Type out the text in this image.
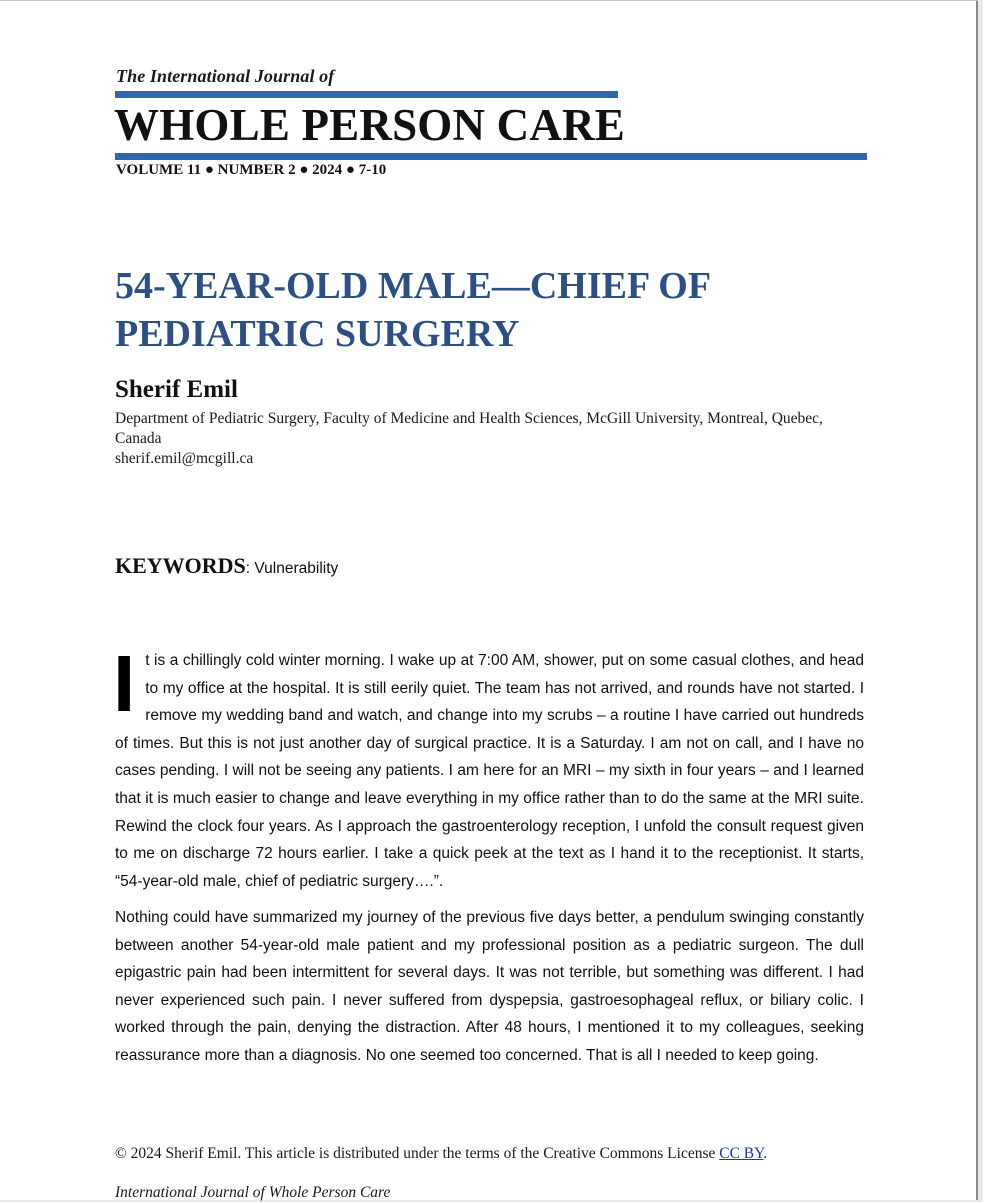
The International Journal of
WHOLE PERSON CARE
VOLUME 11 ● NUMBER 2 ● 2024 ● 7-10
54-YEAR-OLD MALE—CHIEF OF
PEDIATRIC SURGERY
Sherif Emil
Department of Pediatric Surgery, Faculty of Medicine and Health Sciences, McGill University, Montreal, Quebec, Canada
sherif.emil@mcgill.ca
KEYWORDS: Vulnerability

It is a chillingly cold winter morning. I wake up at 7:00 AM, shower, put on some casual clothes, and head to my office at the hospital. It is still eerily quiet. The team has not arrived, and rounds have not started. I remove my wedding band and watch, and change into my scrubs – a routine I have carried out hundreds of times. But this is not just another day of surgical practice. It is a Saturday. I am not on call, and I have no cases pending. I will not be seeing any patients. I am here for an MRI – my sixth in four years – and I learned that it is much easier to change and leave everything in my office rather than to do the same at the MRI suite. Rewind the clock four years. As I approach the gastroenterology reception, I unfold the consult request given to me on discharge 72 hours earlier. I take a quick peek at the text as I hand it to the receptionist. It starts, “54-year-old male, chief of pediatric surgery….”.

Nothing could have summarized my journey of the previous five days better, a pendulum swinging constantly between another 54-year-old male patient and my professional position as a pediatric surgeon. The dull epigastric pain had been intermittent for several days. It was not terrible, but something was different. I had never experienced such pain. I never suffered from dyspepsia, gastroesophageal reflux, or biliary colic. I worked through the pain, denying the distraction. After 48 hours, I mentioned it to my colleagues, seeking reassurance more than a diagnosis. No one seemed too concerned. That is all I needed to keep going.

© 2024 Sherif Emil. This article is distributed under the terms of the Creative Commons License CC BY.
International Journal of Whole Person Care
